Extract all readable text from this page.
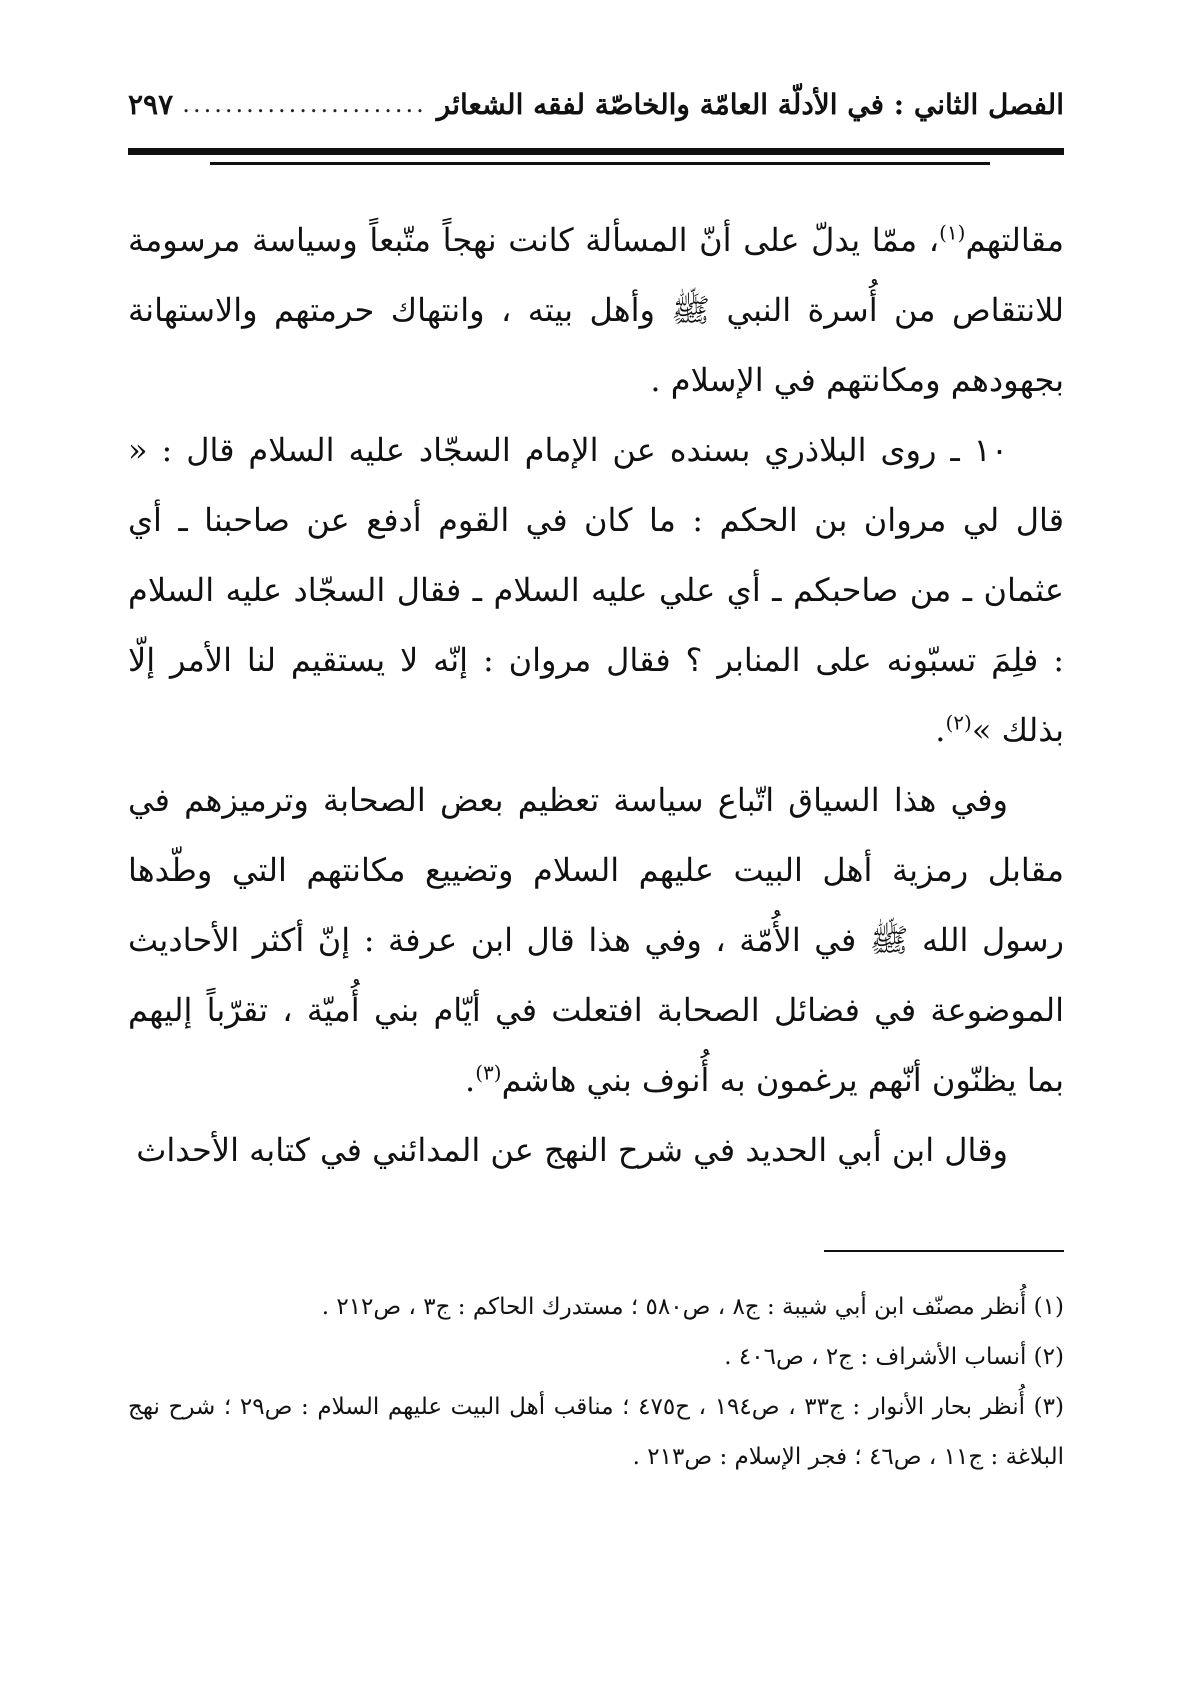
الفصل الثاني : في الأدلّة العامّة والخاصّة لفقه الشعائر
.....
٢٩٧

مقالتهم$^{(١)}$، ممّا يدلّ على أنّ المسألة كانت نهجاً متّبعاً وسياسة مرسومة للانتقاص من أُسرة النبي ﷺ وأهل بيته ، وانتهاك حرمتهم والاستهانة بجهودهم ومكانتهم في الإسلام .

١٠ ـ روى البلاذري بسنده عن الإمام السجّاد عليه السلام قال : « قال لي مروان بن الحكم : ما كان في القوم أدفع عن صاحبنا ـ أي عثمان ـ من صاحبكم ـ أي علي عليه السلام ـ فقال السجّاد عليه السلام : فلِمَ تسبّونه على المنابر ؟ فقال مروان : إنّه لا يستقيم لنا الأمر إلّا بذلك »$^{(٢)}$.

وفي هذا السياق اتّباع سياسة تعظيم بعض الصحابة وترميزهم في مقابل رمزية أهل البيت عليهم السلام وتضييع مكانتهم التي وطّدها رسول الله ﷺ في الأُمّة ، وفي هذا قال ابن عرفة : إنّ أكثر الأحاديث الموضوعة في فضائل الصحابة افتعلت في أيّام بني أُميّة ، تقرّباً إليهم بما يظنّون أنّهم يرغمون به أُنوف بني هاشم$^{(٣)}$.

وقال ابن أبي الحديد في شرح النهج عن المدائني في كتابه الأحداث

(١) أُنظر مصنّف ابن أبي شيبة : ج٨ ، ص٥٨٠ ؛ مستدرك الحاكم : ج٣ ، ص٢١٢ .

(٢) أنساب الأشراف : ج٢ ، ص٤٠٦ .

(٣) أُنظر بحار الأنوار : ج٣٣ ، ص١٩٤ ، ح٤٧٥ ؛ مناقب أهل البيت عليهم السلام : ص٢٩ ؛ شرح نهج البلاغة : ج١١ ، ص٤٦ ؛ فجر الإسلام : ص٢١٣ .
